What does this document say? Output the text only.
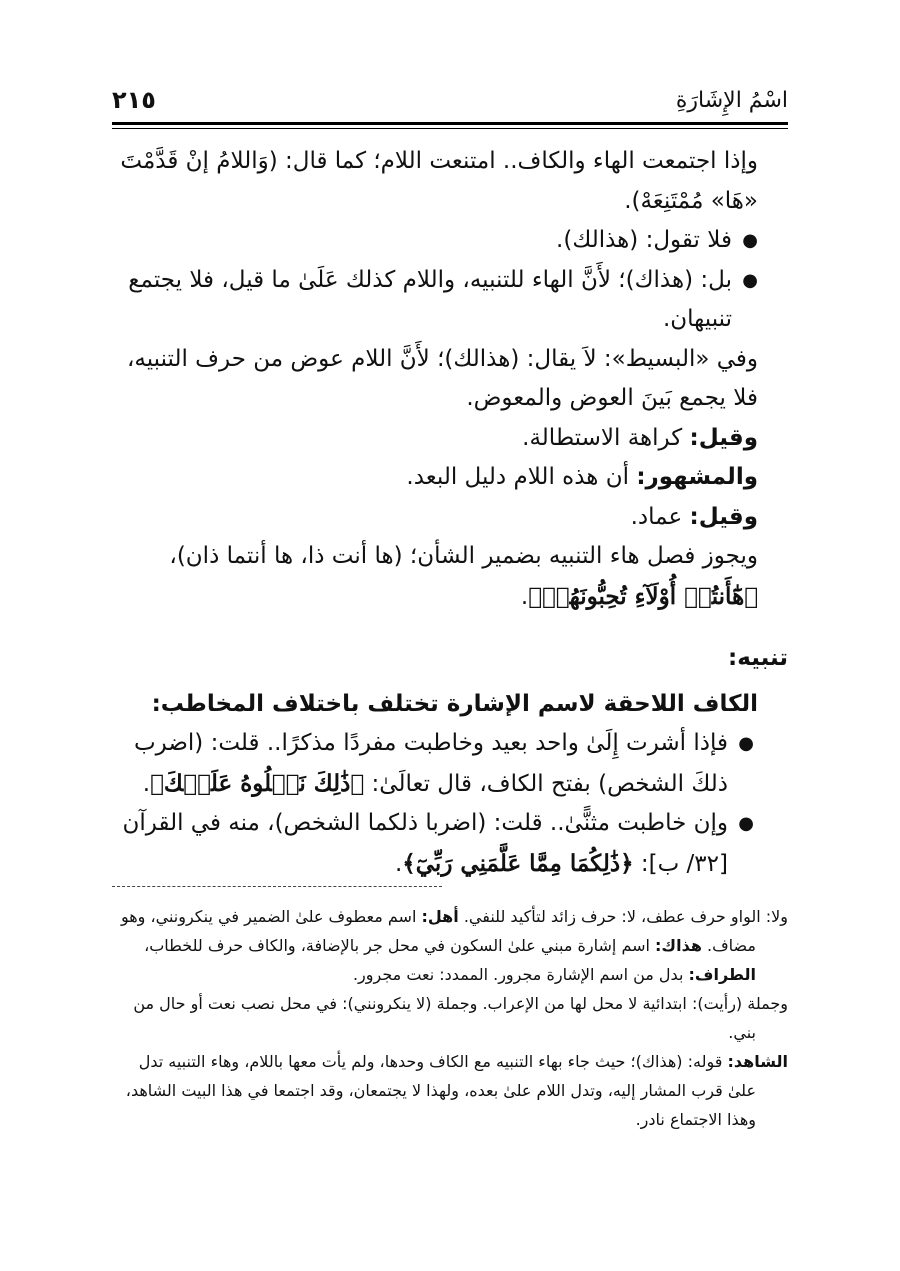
اسْمُ الإِشَارَةِ
٢١٥

وإذا اجتمعت الهاء والكاف.. امتنعت اللام؛ كما قال: (وَاللامُ إنْ قَدَّمْتَ «هَا» مُمْتَنِعَهْ).

●
فلا تقول: (هذالك).
●
بل: (هذاك)؛ لأَنَّ الهاء للتنبيه، واللام كذلك عَلَىٰ ما قيل، فلا يجتمع تنبيهان.

وفي «البسيط»: لاَ يقال: (هذالك)؛ لأَنَّ اللام عوض من حرف التنبيه، فلا يجمع بَينَ العوض والمعوض.

وقيل: كراهة الاستطالة.

والمشهور: أن هذه اللام دليل البعد.

وقيل: عماد.

ويجوز فصل هاء التنبيه بضمير الشأن؛ (ها أنت ذا، ها أنتما ذان)، ﴿هَٰٓأَنتُمۡ أُوْلَآءِ تُحِبُّونَهُمۡ﴾.

تنبيه:

الكاف اللاحقة لاسم الإشارة تختلف باختلاف المخاطب:

●
فإذا أشرت إِلَىٰ واحد بعيد وخاطبت مفردًا مذكرًا.. قلت: (اضرب ذلكَ الشخص) بفتح الكاف، قال تعالَىٰ: ﴿ذَٰلِكَ نَتۡلُوهُ عَلَيۡكَ﴾.
●
وإن خاطبت مثنًّىٰ.. قلت: (اضربا ذلكما الشخص)، منه في القرآن [٣٢/ ب]: ﴿ذَٰلِكُمَا مِمَّا عَلَّمَنِي رَبِّيٓ﴾.

ولا: الواو حرف عطف، لا: حرف زائد لتأكيد للنفي. أهل: اسم معطوف علىٰ الضمير في ينكرونني، وهو مضاف. هذاك: اسم إشارة مبني علىٰ السكون في محل جر بالإضافة، والكاف حرف للخطاب، الطراف: بدل من اسم الإشارة مجرور. الممدد: نعت مجرور.

وجملة (رأيت): ابتدائية لا محل لها من الإعراب. وجملة (لا ينكرونني): في محل نصب نعت أو حال من بني.

الشاهد: قوله: (هذاك)؛ حيث جاء بهاء التنبيه مع الكاف وحدها، ولم يأت معها باللام، وهاء التنبيه تدل علىٰ قرب المشار إليه، وتدل اللام علىٰ بعده، ولهذا لا يجتمعان، وقد اجتمعا في هذا البيت الشاهد، وهذا الاجتماع نادر.
